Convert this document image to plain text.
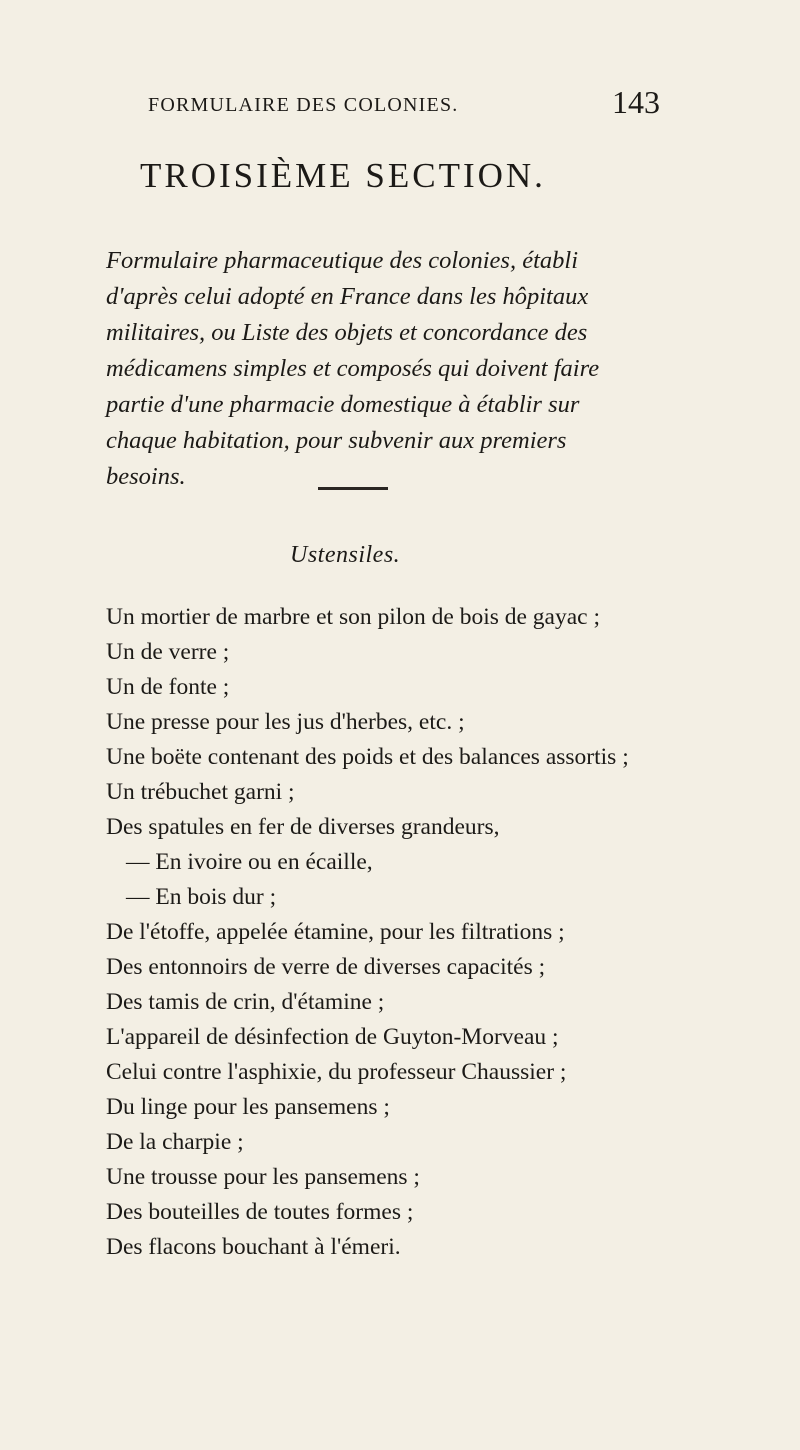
FORMULAIRE DES COLONIES.	143
TROISIÈME SECTION.
Formulaire pharmaceutique des colonies, établi
d'après celui adopté en France dans les hôpitaux
militaires, ou Liste des objets et concordance des
médicamens simples et composés qui doivent faire
partie d'une pharmacie domestique à établir sur
chaque habitation, pour subvenir aux premiers
besoins.
Ustensiles.
Un mortier de marbre et son pilon de bois de gayac ;
Un de verre ;
Un de fonte ;
Une presse pour les jus d'herbes, etc. ;
Une boëte contenant des poids et des balances assortis ;
Un trébuchet garni ;
Des spatules en fer de diverses grandeurs,
— En ivoire ou en écaille,
— En bois dur ;
De l'étoffe, appelée étamine, pour les filtrations ;
Des entonnoirs de verre de diverses capacités ;
Des tamis de crin, d'étamine ;
L'appareil de désinfection de Guyton-Morveau ;
Celui contre l'asphixie, du professeur Chaussier ;
Du linge pour les pansemens ;
De la charpie ;
Une trousse pour les pansemens ;
Des bouteilles de toutes formes ;
Des flacons bouchant à l'émeri.
